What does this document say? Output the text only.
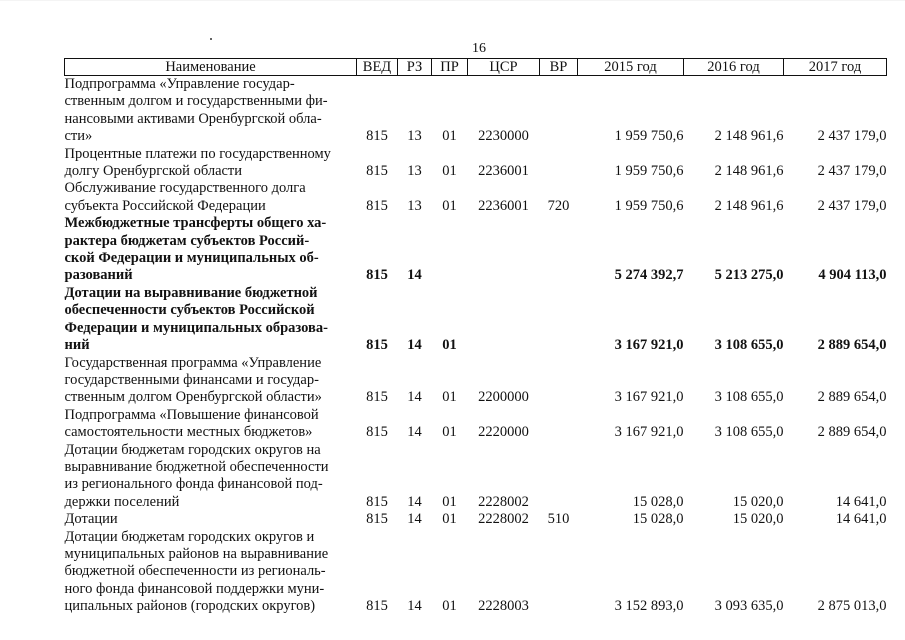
16
Наименование	ВЕД	РЗ	ПР	ЦСР	ВР	2015 год	2016 год	2017 год

Подпрограмма «Управление государ-
ственным долгом и государственными фи-
нансовыми активами Оренбургской обла-
сти»	815	13	01	2230000		1 959 750,6	2 148 961,6	2 437 179,0

Процентные платежи по государственному
долгу Оренбургской области	815	13	01	2236001		1 959 750,6	2 148 961,6	2 437 179,0

Обслуживание государственного долга
субъекта Российской Федерации	815	13	01	2236001	720	1 959 750,6	2 148 961,6	2 437 179,0

Межбюджетные трансферты общего ха-
рактера бюджетам субъектов Россий-
ской Федерации и муниципальных об-
разований	815	14				5 274 392,7	5 213 275,0	4 904 113,0

Дотации на выравнивание бюджетной
обеспеченности субъектов Российской
Федерации и муниципальных образова-
ний	815	14	01			3 167 921,0	3 108 655,0	2 889 654,0

Государственная программа «Управление
государственными финансами и государ-
ственным долгом Оренбургской области»	815	14	01	2200000		3 167 921,0	3 108 655,0	2 889 654,0

Подпрограмма «Повышение финансовой
самостоятельности местных бюджетов»	815	14	01	2220000		3 167 921,0	3 108 655,0	2 889 654,0

Дотации бюджетам городских округов на
выравнивание бюджетной обеспеченности
из регионального фонда финансовой под-
держки поселений	815	14	01	2228002		15 028,0	15 020,0	14 641,0

Дотации	815	14	01	2228002	510	15 028,0	15 020,0	14 641,0

Дотации бюджетам городских округов и
муниципальных районов на выравнивание
бюджетной обеспеченности из региональ-
ного фонда финансовой поддержки муни-
ципальных районов (городских округов)	815	14	01	2228003		3 152 893,0	3 093 635,0	2 875 013,0
